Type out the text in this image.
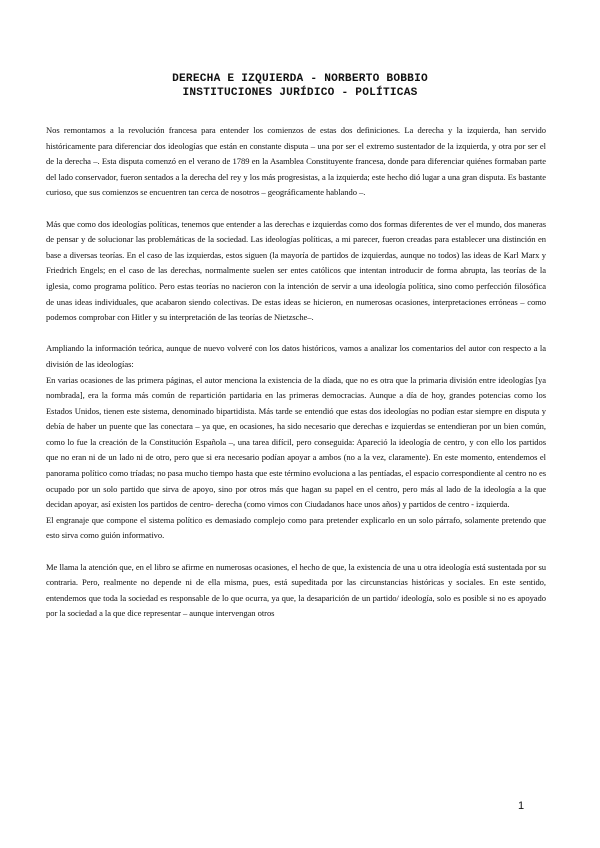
DERECHA E IZQUIERDA - NORBERTO BOBBIO
INSTITUCIONES JURÍDICO - POLÍTICAS

Nos remontamos a la revolución francesa para entender los comienzos de estas dos definiciones. La derecha y la izquierda, han servido históricamente para diferenciar dos ideologías que están en constante disputa – una por ser el extremo sustentador de la izquierda, y otra por ser el de la derecha –. Esta disputa comenzó en el verano de 1789 en la Asamblea Constituyente francesa, donde para diferenciar quiénes formaban parte del lado conservador, fueron sentados a la derecha del rey y los más progresistas, a la izquierda; este hecho dió lugar a una gran disputa. Es bastante curioso, que sus comienzos se encuentren tan cerca de nosotros – geográficamente hablando –.

Más que como dos ideologías políticas, tenemos que entender a las derechas e izquierdas como dos formas diferentes de ver el mundo, dos maneras de pensar y de solucionar las problemáticas de la sociedad. Las ideologías políticas, a mi parecer, fueron creadas para establecer una distinción en base a diversas teorías. En el caso de las izquierdas, estos siguen (la mayoría de partidos de izquierdas, aunque no todos) las ideas de Karl Marx y Friedrich Engels; en el caso de las derechas, normalmente suelen ser entes católicos que intentan introducir de forma abrupta, las teorías de la iglesia, como programa político. Pero estas teorías no nacieron con la intención de servir a una ideología política, sino como perfección filosófica de unas ideas individuales, que acabaron siendo colectivas. De estas ideas se hicieron, en numerosas ocasiones, interpretaciones erróneas – como podemos comprobar con Hitler y su interpretación de las teorías de Nietzsche–.

Ampliando la información teórica, aunque de nuevo volveré con los datos históricos, vamos a analizar los comentarios del autor con respecto a la división de las ideologías:

En varias ocasiones de las primera páginas, el autor menciona la existencia de la díada, que no es otra que la primaria división entre ideologías [ya nombrada], era la forma más común de repartición partidaria en las primeras democracias. Aunque a día de hoy, grandes potencias como los Estados Unidos, tienen este sistema, denominado bipartidista. Más tarde se entendió que estas dos ideologías no podían estar siempre en disputa y debía de haber un puente que las conectara – ya que, en ocasiones, ha sido necesario que derechas e izquierdas se entendieran por un bien común, como lo fue la creación de la Constitución Española –, una tarea difícil, pero conseguida: Apareció la ideología de centro, y con ello los partidos que no eran ni de un lado ni de otro, pero que si era necesario podían apoyar a ambos (no a la vez, claramente). En este momento, entendemos el panorama político como tríadas; no pasa mucho tiempo hasta que este término evoluciona a las pentíadas, el espacio correspondiente al centro no es ocupado por un solo partido que sirva de apoyo, sino por otros más que hagan su papel en el centro, pero más al lado de la ideología a la que decidan apoyar, así existen los partidos de centro- derecha (como vimos con Ciudadanos hace unos años) y partidos de centro - izquierda.

El engranaje que compone el sistema político es demasiado complejo como para pretender explicarlo en un solo párrafo, solamente pretendo que esto sirva como guión informativo.

Me llama la atención que, en el libro se afirme en numerosas ocasiones, el hecho de que, la existencia de una u otra ideología está sustentada por su contraria. Pero, realmente no depende ni de ella misma, pues, está supeditada por las circunstancias históricas y sociales. En este sentido, entendemos que toda la sociedad es responsable de lo que ocurra, ya que, la desaparición de un partido/ ideología, solo es posible si no es apoyado por la sociedad a la que dice representar – aunque intervengan otros

1
